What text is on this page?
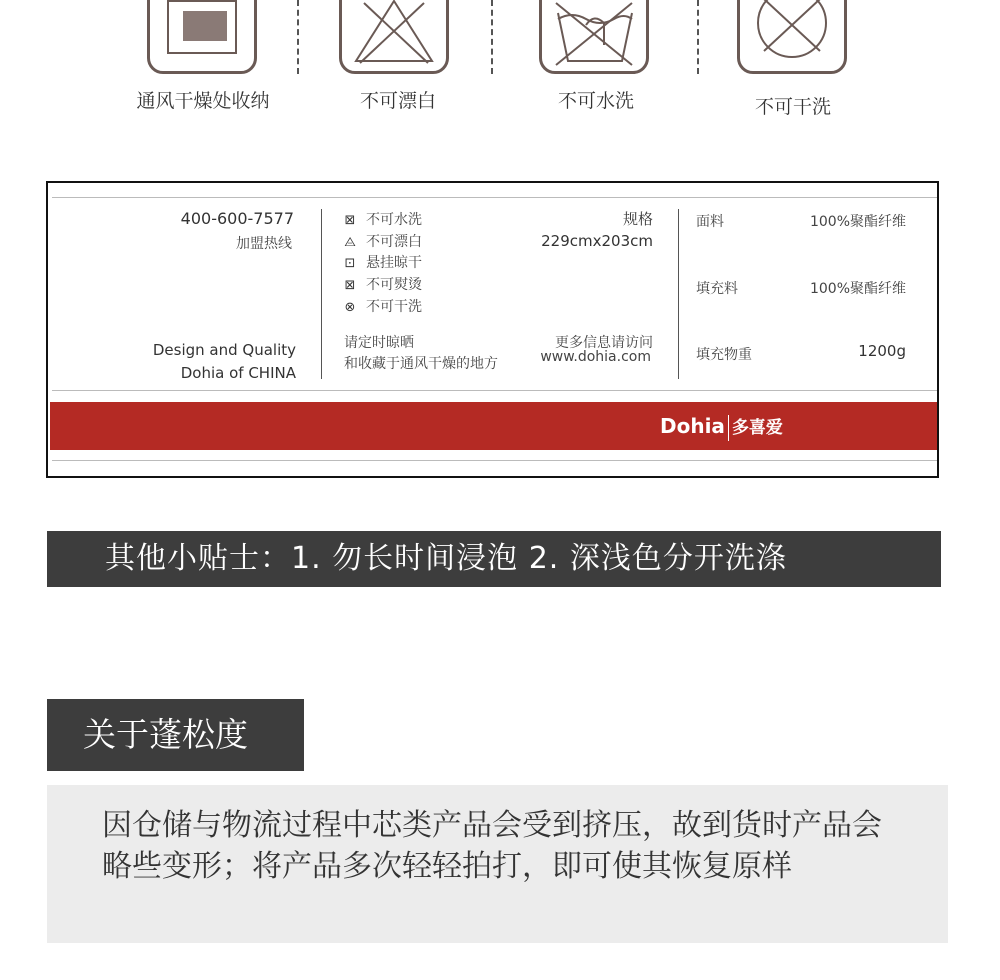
通风干燥处收纳	不可漂白	不可水洗	不可干洗
400-600-7577
加盟热线
Design and Quality
Dohia of CHINA
⊠ 不可水洗
⨺ 不可漂白
⊡ 悬挂晾干
⊠ 不可熨烫
⊗ 不可干洗
请定时晾晒
和收藏于通风干燥的地方
规格
229cmx203cm
更多信息请访问
www.dohia.com
面料	100%聚酯纤维
填充料	100%聚酯纤维
填充物重	1200g
Dohia 多喜爱
其他小贴士：1. 勿长时间浸泡 2. 深浅色分开洗涤
关于蓬松度
因仓储与物流过程中芯类产品会受到挤压，故到货时产品会略些变形；将产品多次轻轻拍打，即可使其恢复原样
